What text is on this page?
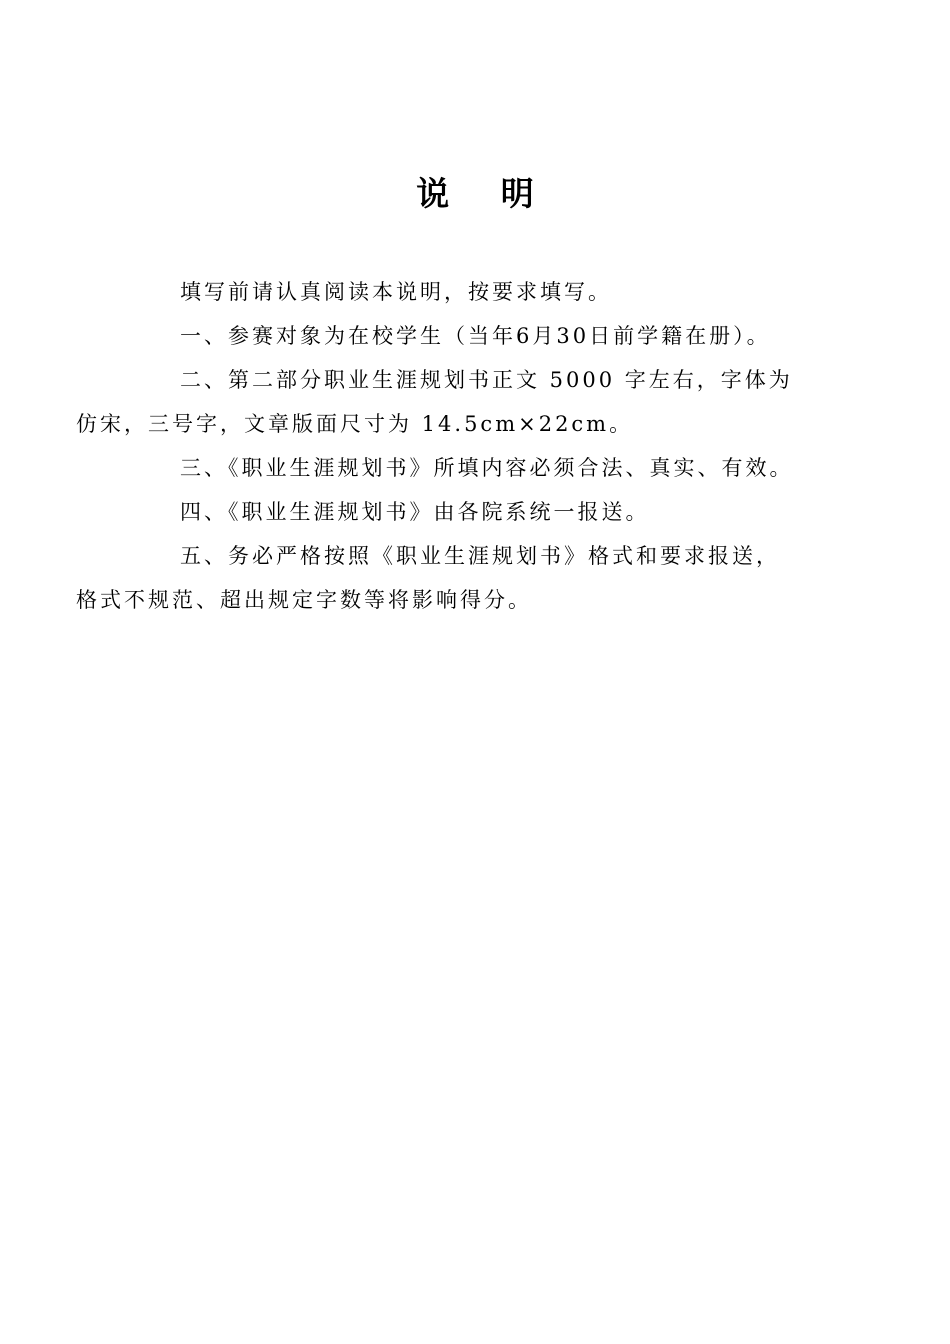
说 明

填写前请认真阅读本说明，按要求填写。

一、参赛对象为在校学生（当年6月30日前学籍在册）。

二、第二部分职业生涯规划书正文 5000 字左右，字体为
仿宋，三号字，文章版面尺寸为 14.5cm×22cm。

三、《职业生涯规划书》所填内容必须合法、真实、有效。

四、《职业生涯规划书》由各院系统一报送。

五、务必严格按照《职业生涯规划书》格式和要求报送，
格式不规范、超出规定字数等将影响得分。
